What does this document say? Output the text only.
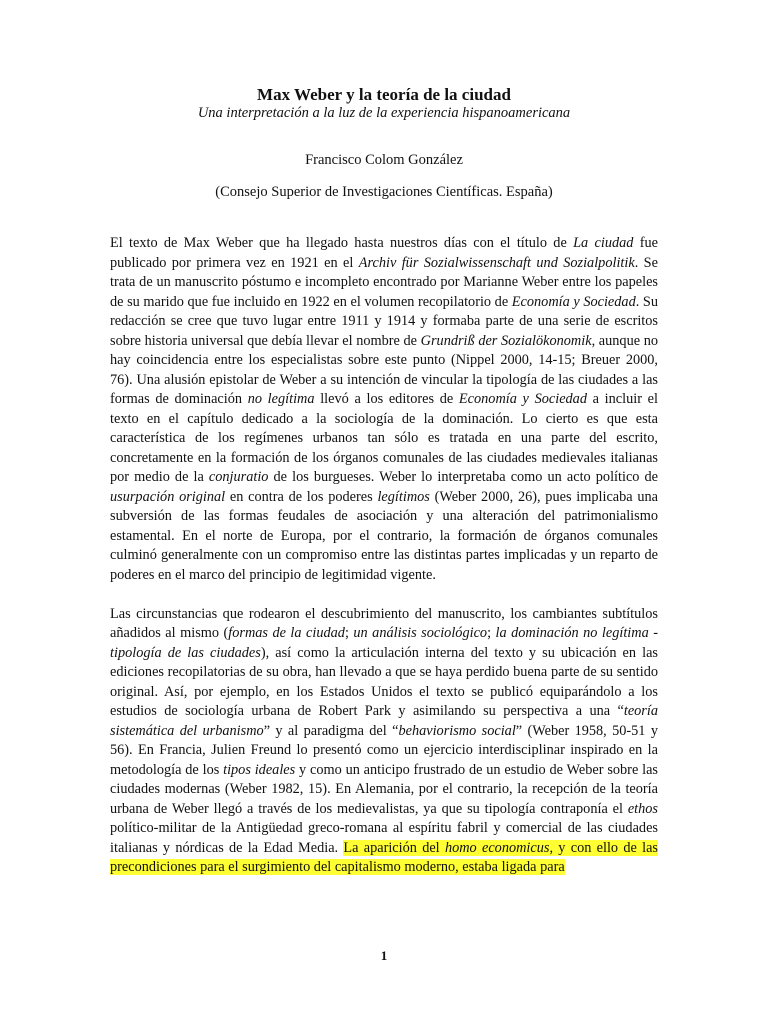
Max Weber y la teoría de la ciudad
Una interpretación a la luz de la experiencia hispanoamericana
Francisco Colom González
(Consejo Superior de Investigaciones Científicas. España)

El texto de Max Weber que ha llegado hasta nuestros días con el título de La ciudad fue publicado por primera vez en 1921 en el Archiv für Sozialwissenschaft und Sozialpolitik. Se trata de un manuscrito póstumo e incompleto encontrado por Marianne Weber entre los papeles de su marido que fue incluido en 1922 en el volumen recopilatorio de Economía y Sociedad. Su redacción se cree que tuvo lugar entre 1911 y 1914 y formaba parte de una serie de escritos sobre historia universal que debía llevar el nombre de Grundriß der Sozialökonomik, aunque no hay coincidencia entre los especialistas sobre este punto (Nippel 2000, 14-15; Breuer 2000, 76). Una alusión epistolar de Weber a su intención de vincular la tipología de las ciudades a las formas de dominación no legítima llevó a los editores de Economía y Sociedad a incluir el texto en el capítulo dedicado a la sociología de la dominación. Lo cierto es que esta característica de los regímenes urbanos tan sólo es tratada en una parte del escrito, concretamente en la formación de los órganos comunales de las ciudades medievales italianas por medio de la conjuratio de los burgueses. Weber lo interpretaba como un acto político de usurpación original en contra de los poderes legítimos (Weber 2000, 26), pues implicaba una subversión de las formas feudales de asociación y una alteración del patrimonialismo estamental. En el norte de Europa, por el contrario, la formación de órganos comunales culminó generalmente con un compromiso entre las distintas partes implicadas y un reparto de poderes en el marco del principio de legitimidad vigente.

Las circunstancias que rodearon el descubrimiento del manuscrito, los cambiantes subtítulos añadidos al mismo (formas de la ciudad; un análisis sociológico; la dominación no legítima - tipología de las ciudades), así como la articulación interna del texto y su ubicación en las ediciones recopilatorias de su obra, han llevado a que se haya perdido buena parte de su sentido original. Así, por ejemplo, en los Estados Unidos el texto se publicó equiparándolo a los estudios de sociología urbana de Robert Park y asimilando su perspectiva a una “teoría sistemática del urbanismo” y al paradigma del “behaviorismo social” (Weber 1958, 50-51 y 56). En Francia, Julien Freund lo presentó como un ejercicio interdisciplinar inspirado en la metodología de los tipos ideales y como un anticipo frustrado de un estudio de Weber sobre las ciudades modernas (Weber 1982, 15). En Alemania, por el contrario, la recepción de la teoría urbana de Weber llegó a través de los medievalistas, ya que su tipología contraponía el ethos político-militar de la Antigüedad greco-romana al espíritu fabril y comercial de las ciudades italianas y nórdicas de la Edad Media. La aparición del homo economicus, y con ello de las precondiciones para el surgimiento del capitalismo moderno, estaba ligada para

1
